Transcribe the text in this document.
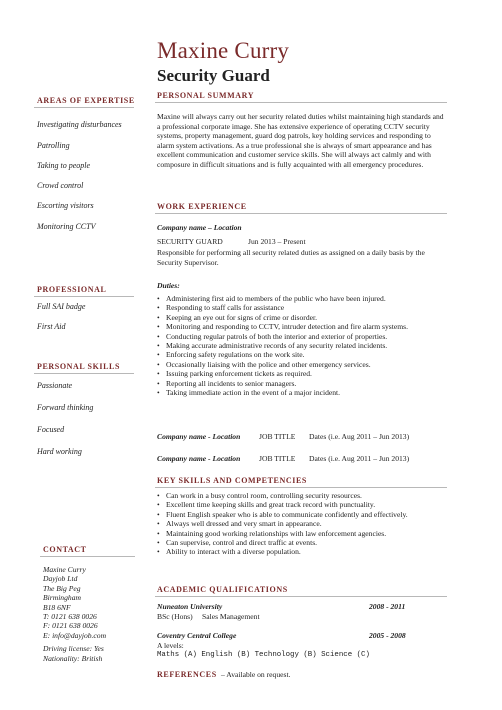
Maxine Curry
Security Guard
AREAS OF EXPERTISE
Investigating disturbances
Patrolling
Taking to people
Crowd control
Escorting visitors
Monitoring CCTV
PROFESSIONAL
Full SAI badge
First Aid
PERSONAL SKILLS
Passionate
Forward thinking
Focused
Hard working
CONTACT
Maxine Curry
Dayjob Ltd
The Big Peg
Birmingham
B18 6NF
T: 0121 638 0026
F: 0121 638 0026
E: info@dayjob.com
Driving license: Yes
Nationality: British
PERSONAL SUMMARY
Maxine will always carry out her security related duties whilst maintaining high standards and a professional corporate image. She has extensive experience of operating CCTV security systems, property management, guard dog patrols, key holding services and responding to alarm system activations. As a true professional she is always of smart appearance and has excellent communication and customer service skills. She will always act calmly and with composure in difficult situations and is fully acquainted with all emergency procedures.
WORK EXPERIENCE
Company name – Location
SECURITY GUARD	Jun 2013 – Present
Responsible for performing all security related duties as assigned on a daily basis by the Security Supervisor.
Duties:
• Administering first aid to members of the public who have been injured.
• Responding to staff calls for assistance
• Keeping an eye out for signs of crime or disorder.
• Monitoring and responding to CCTV, intruder detection and fire alarm systems.
• Conducting regular patrols of both the interior and exterior of properties.
• Making accurate administrative records of any security related incidents.
• Enforcing safety regulations on the work site.
• Occasionally liaising with the police and other emergency services.
• Issuing parking enforcement tickets as required.
• Reporting all incidents to senior managers.
• Taking immediate action in the event of a major incident.
Company name - Location JOB TITLE Dates (i.e. Aug 2011 – Jun 2013)
Company name - Location JOB TITLE Dates (i.e. Aug 2011 – Jun 2013)
KEY SKILLS AND COMPETENCIES
• Can work in a busy control room, controlling security resources.
• Excellent time keeping skills and great track record with punctuality.
• Fluent English speaker who is able to communicate confidently and effectively.
• Always well dressed and very smart in appearance.
• Maintaining good working relationships with law enforcement agencies.
• Can supervise, control and direct traffic at events.
• Ability to interact with a diverse population.
ACADEMIC QUALIFICATIONS
Nuneaton University	2008 - 2011
BSc (Hons) Sales Management
Coventry Central College	2005 - 2008
A levels:
Maths (A) English (B) Technology (B) Science (C)
REFERENCES – Available on request.
